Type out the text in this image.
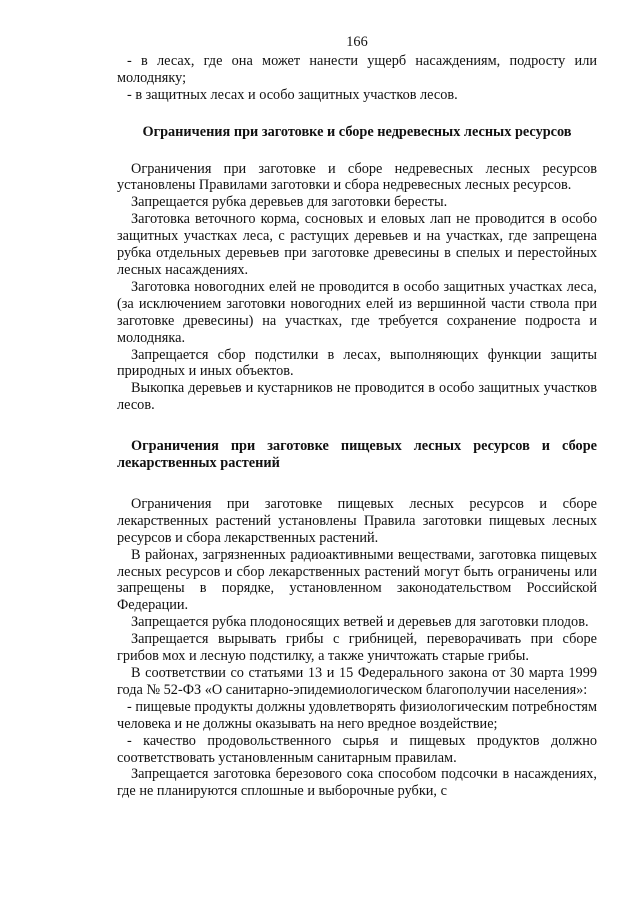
166

- в лесах, где она может нанести ущерб насаждениям, подросту или молодняку;

- в защитных лесах и особо защитных участков лесов.

Ограничения при заготовке и сборе недревесных лесных ресурсов

Ограничения при заготовке и сборе недревесных лесных ресурсов установлены Правилами заготовки и сбора недревесных лесных ресурсов.

Запрещается рубка деревьев для заготовки бересты.

Заготовка веточного корма, сосновых и еловых лап не проводится в особо защитных участках леса, с растущих деревьев и на участках, где запрещена рубка отдельных деревьев при заготовке древесины в спелых и перестойных лесных насаждениях.

Заготовка новогодних елей не проводится в особо защитных участках леса, (за исключением заготовки новогодних елей из вершинной части ствола при заготовке древесины) на участках, где требуется сохранение подроста и молодняка.

Запрещается сбор подстилки в лесах, выполняющих функции защиты природных и иных объектов.

Выкопка деревьев и кустарников не проводится в особо защитных участков лесов.

Ограничения при заготовке пищевых лесных ресурсов и сборе лекарственных растений

Ограничения при заготовке пищевых лесных ресурсов и сборе лекарственных растений установлены Правила заготовки пищевых лесных ресурсов и сбора лекарственных растений.

В районах, загрязненных радиоактивными веществами, заготовка пищевых лесных ресурсов и сбор лекарственных растений могут быть ограничены или запрещены в порядке, установленном законодательством Российской Федерации.

Запрещается рубка плодоносящих ветвей и деревьев для заготовки плодов.

Запрещается вырывать грибы с грибницей, переворачивать при сборе грибов мох и лесную подстилку, а также уничтожать старые грибы.

В соответствии со статьями 13 и 15 Федерального закона от 30 марта 1999 года № 52-ФЗ «О санитарно-эпидемиологическом благополучии населения»:

- пищевые продукты должны удовлетворять физиологическим потребностям человека и не должны оказывать на него вредное воздействие;

- качество продовольственного сырья и пищевых продуктов должно соответствовать установленным санитарным правилам.

Запрещается заготовка березового сока способом подсочки в насаждениях, где не планируются сплошные и выборочные рубки, с
